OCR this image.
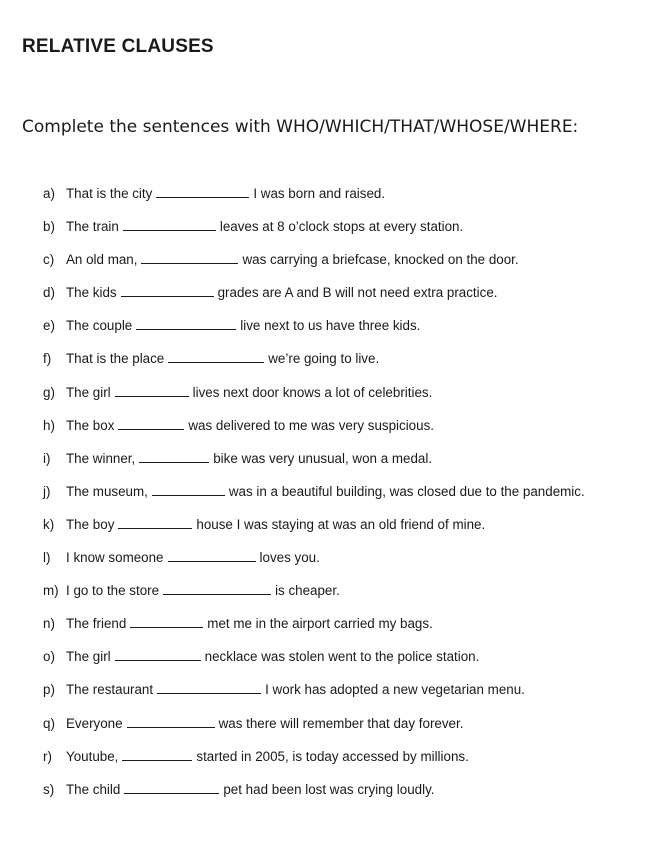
RELATIVE CLAUSES

Complete the sentences with WHO/WHICH/THAT/WHOSE/WHERE:

a) That is the city	I was born and raised.
b) The train	leaves at 8 o’clock stops at every station.
c) An old man,	was carrying a briefcase, knocked on the door.
d) The kids	grades are A and B will not need extra practice.
e) The couple	live next to us have three kids.
f)	That is the place	we’re going to live.
g) The girl	lives next door knows a lot of celebrities.
h) The box	was delivered to me was very suspicious.
i)	The winner,	bike was very unusual, won a medal.
j)	The museum,	was in a beautiful building, was closed due to the pandemic.
k) The boy	house I was staying at was an old friend of mine.
l)	I know someone	loves you.
m) I go to the store	is cheaper.
n) The friend	met me in the airport carried my bags.
o) The girl	necklace was stolen went to the police station.
p) The restaurant	I work has adopted a new vegetarian menu.
q) Everyone	was there will remember that day forever.
r)	Youtube,	started in 2005, is today accessed by millions.
s) The child	pet had been lost was crying loudly.
